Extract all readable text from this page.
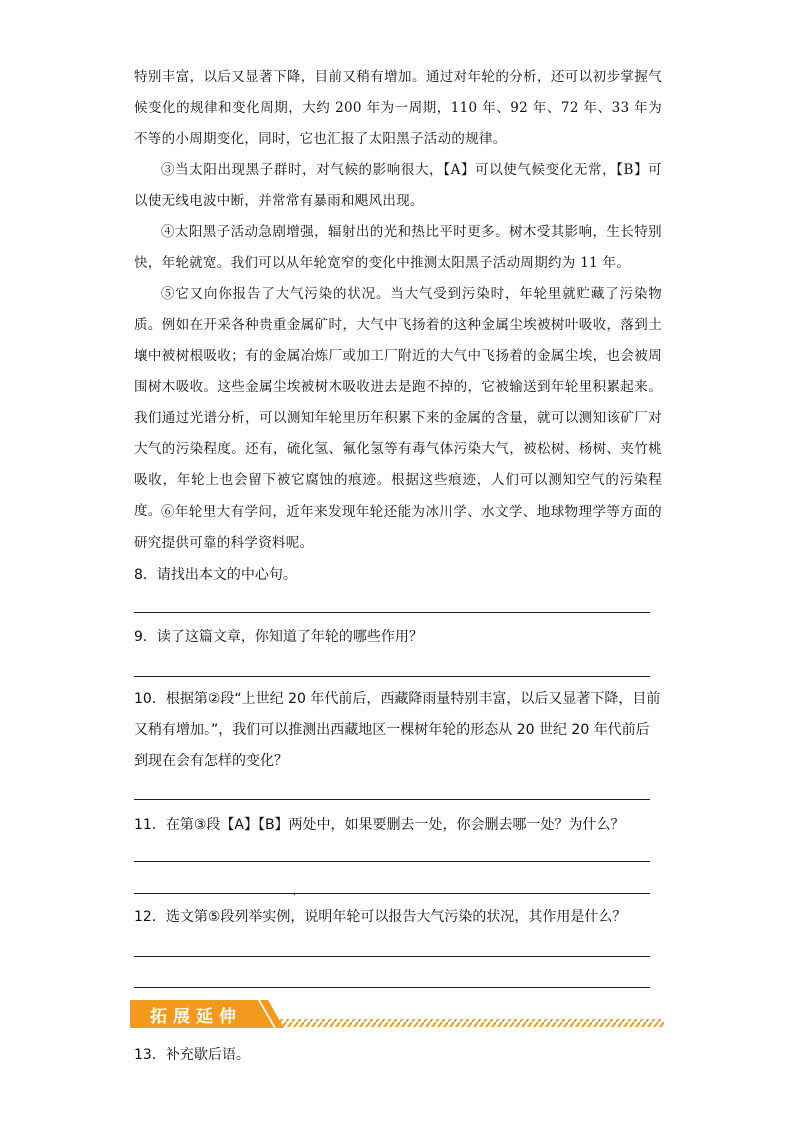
特别丰富，以后又显著下降，目前又稍有增加。通过对年轮的分析，还可以初步掌握气候变化的规律和变化周期，大约 200 年为一周期，110 年、92 年、72 年、33 年为不等的小周期变化，同时，它也汇报了太阳黑子活动的规律。
③当太阳出现黑子群时，对气候的影响很大，【A】可以使气候变化无常，【B】可以使无线电波中断，并常常有暴雨和飓风出现。
④太阳黑子活动急剧增强，辐射出的光和热比平时更多。树木受其影响，生长特别快，年轮就宽。我们可以从年轮宽窄的变化中推测太阳黑子活动周期约为 11 年。
⑤它又向你报告了大气污染的状况。当大气受到污染时，年轮里就贮藏了污染物质。例如在开采各种贵重金属矿时，大气中飞扬着的这种金属尘埃被树叶吸收，落到土壤中被树根吸收；有的金属冶炼厂或加工厂附近的大气中飞扬着的金属尘埃，也会被周围树木吸收。这些金属尘埃被树木吸收进去是跑不掉的，它被输送到年轮里积累起来。我们通过光谱分析，可以测知年轮里历年积累下来的金属的含量，就可以测知该矿厂对大气的污染程度。还有，硫化氢、氟化氢等有毒气体污染大气，被松树、杨树、夹竹桃吸收，年轮上也会留下被它腐蚀的痕迹。根据这些痕迹，人们可以测知空气的污染程度。 ⑥年轮里大有学问，近年来发现年轮还能为冰川学、水文学、地球物理学等方面的研究提供可靠的科学资料呢。
8．请找出本文的中心句。
9．读了这篇文章，你知道了年轮的哪些作用？
10．根据第②段“上世纪 20 年代前后，西藏降雨量特别丰富，以后又显著下降，目前又稍有增加。”，我们可以推测出西藏地区一棵树年轮的形态从 20 世纪 20 年代前后到现在会有怎样的变化？
11．在第③段【A】【B】两处中，如果要删去一处，你会删去哪一处？为什么？
.
12．选文第⑤段列举实例，说明年轮可以报告大气污染的状况，其作用是什么？
拓展延伸
13．补充歇后语。
